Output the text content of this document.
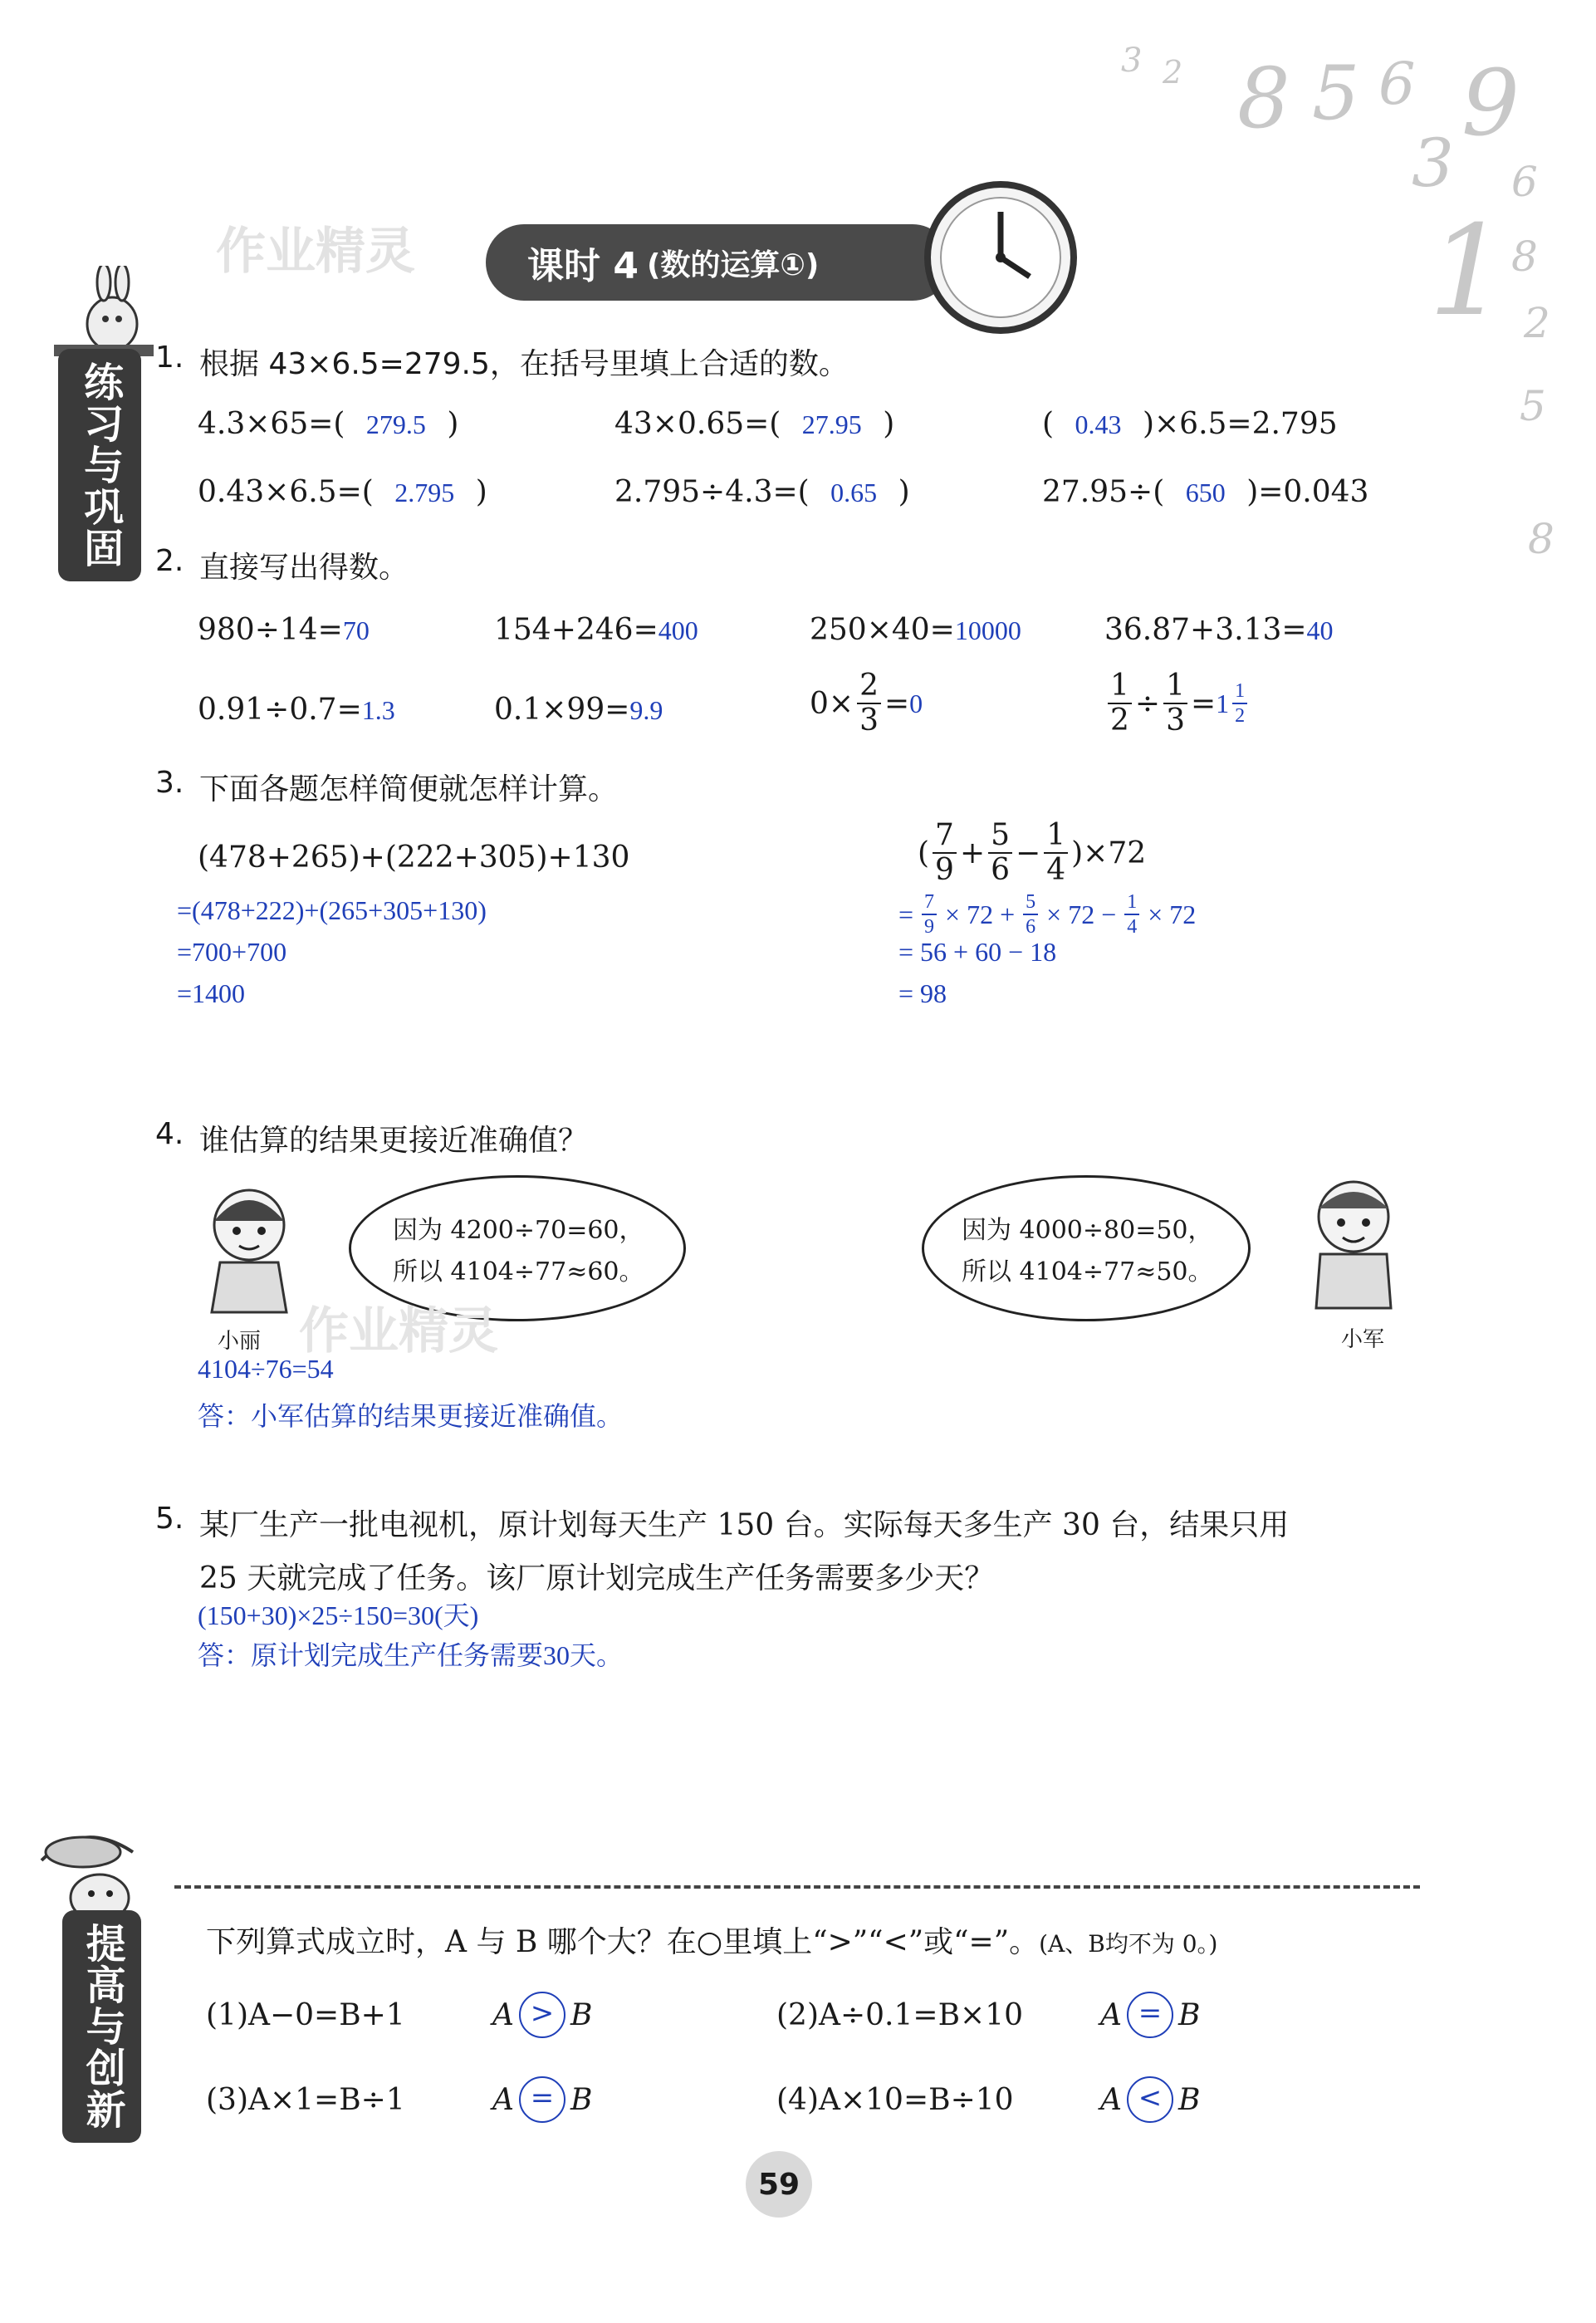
3 2 8 5 6 9
3 6
1 8
2
5
8
作业精灵	课时 4 (数的运算①)
练习与巩固
1. 根据 43×6.5=279.5，在括号里填上合适的数。
4.3×65=( 279.5 )	43×0.65=( 27.95 )	( 0.43 )×6.5=2.795
0.43×6.5=( 2.795 )	2.795÷4.3=( 0.65 )	27.95÷( 650 )=0.043
2. 直接写出得数。
980÷14=70	154+246=400	250×40=10000	36.87+3.13=40
0.91÷0.7=1.3	0.1×99=9.9	$0\times \frac{2}{3} = 0$	$\frac{1}{2} \div \frac{1}{3} = 1 \frac{1}{2}$
3. 下面各题怎样简便就怎样计算。
(478+265)+(222+305)+130
=(478+222)+(265+305+130)
=700+700
=1400
( $\frac{7}{9} + \frac{5}{6} - \frac{1}{4} )\times 72$
= $\frac{7}{9} \times 72 + \frac{5}{6} \times 72 - \frac{1}{4} \times 72$
= 56 + 60 − 18
= 98
4. 谁估算的结果更接近准确值？
因为 4200÷70=60，
所以 4104÷77≈60。
小丽
因为 4000÷80=50，
所以 4104÷77≈50。
小军
作业精灵
4104÷76=54
答：小军估算的结果更接近准确值。
5. 某厂生产一批电视机，原计划每天生产 150 台。实际每天多生产 30 台，结果只用
25 天就完成了任务。该厂原计划完成生产任务需要多少天？
(150+30)×25÷150=30(天)
答：原计划完成生产任务需要30天。
提高与创新	下列算式成立时，A 与 B 哪个大？在○里填上“>”“<”或“=”。(A、B均不为 0。)
(1)A−0=B+1	A > B	(2)A÷0.1=B×10	A = B
(3)A×1=B÷1	A = B	(4)A×10=B÷10	A < B
59
